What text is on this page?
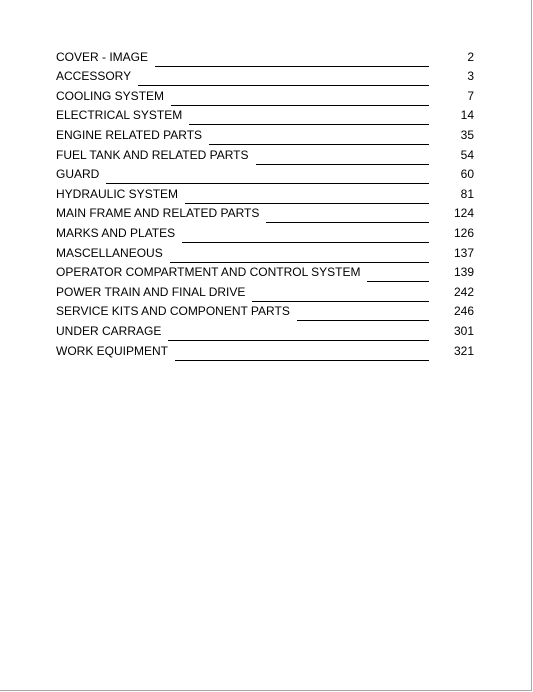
COVER - IMAGE	2
ACCESSORY	3
COOLING SYSTEM	7
ELECTRICAL SYSTEM	14
ENGINE RELATED PARTS	35
FUEL TANK AND RELATED PARTS	54
GUARD	60
HYDRAULIC SYSTEM	81
MAIN FRAME AND RELATED PARTS	124
MARKS AND PLATES	126
MASCELLANEOUS	137
OPERATOR COMPARTMENT AND CONTROL SYSTEM	139
POWER TRAIN AND FINAL DRIVE	242
SERVICE KITS AND COMPONENT PARTS	246
UNDER CARRAGE	301
WORK EQUIPMENT	321
